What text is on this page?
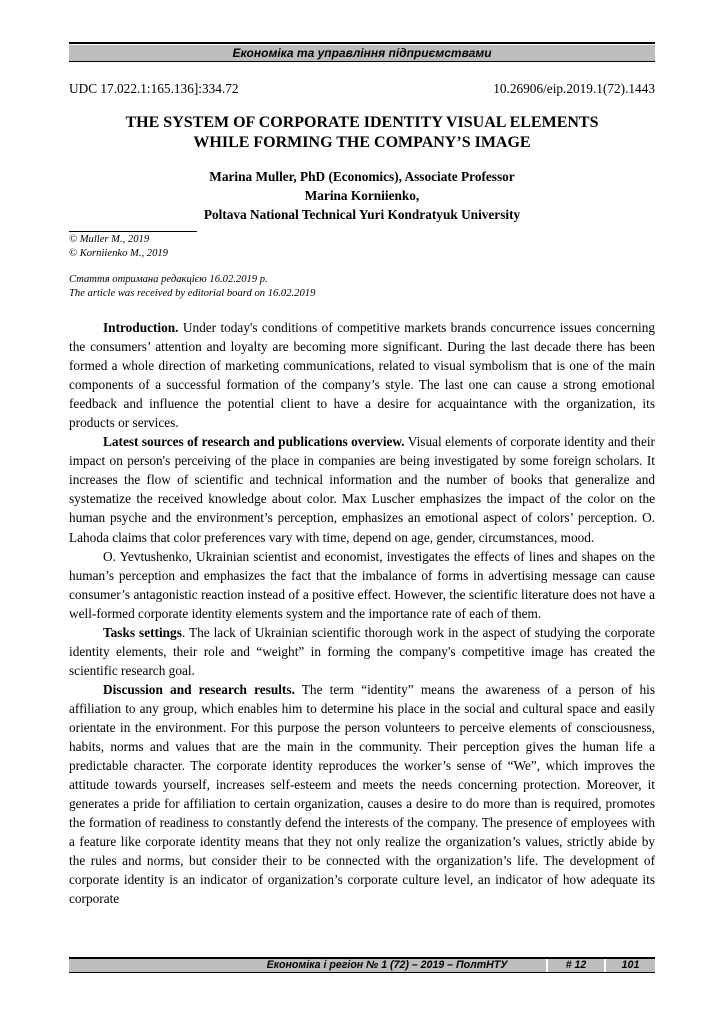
Економіка та управління підприємствами
UDC 17.022.1:165.136]:334.72	10.26906/eip.2019.1(72).1443
THE SYSTEM OF CORPORATE IDENTITY VISUAL ELEMENTS
WHILE FORMING THE COMPANY’S IMAGE
Marina Muller, PhD (Economics), Associate Professor
Marina Korniienko,
Poltava National Technical Yuri Kondratyuk University
© Muller M., 2019
© Korniienko M., 2019
Стаття отримана редакцією 16.02.2019 р.
The article was received by editorial board on 16.02.2019

Introduction. Under today's conditions of competitive markets brands concurrence issues concerning the consumers’ attention and loyalty are becoming more significant. During the last decade there has been formed a whole direction of marketing communications, related to visual symbolism that is one of the main components of a successful formation of the company’s style. The last one can cause a strong emotional feedback and influence the potential client to have a desire for acquaintance with the organization, its products or services.

Latest sources of research and publications overview. Visual elements of corporate identity and their impact on person's perceiving of the place in companies are being investigated by some foreign scholars. It increases the flow of scientific and technical information and the number of books that generalize and systematize the received knowledge about color. Max Luscher emphasizes the impact of the color on the human psyche and the environment’s perception, emphasizes an emotional aspect of colors’ perception. O. Lahoda claims that color preferences vary with time, depend on age, gender, circumstances, mood.

O. Yevtushenko, Ukrainian scientist and economist, investigates the effects of lines and shapes on the human’s perception and emphasizes the fact that the imbalance of forms in advertising message can cause consumer’s antagonistic reaction instead of a positive effect. However, the scientific literature does not have a well-formed corporate identity elements system and the importance rate of each of them.

Tasks settings. The lack of Ukrainian scientific thorough work in the aspect of studying the corporate identity elements, their role and “weight” in forming the company's competitive image has created the scientific research goal.

Discussion and research results. The term “identity” means the awareness of a person of his affiliation to any group, which enables him to determine his place in the social and cultural space and easily orientate in the environment. For this purpose the person volunteers to perceive elements of consciousness, habits, norms and values that are the main in the community. Their perception gives the human life a predictable character. The corporate identity reproduces the worker’s sense of “We”, which improves the attitude towards yourself, increases self-esteem and meets the needs concerning protection. Moreover, it generates a pride for affiliation to certain organization, causes a desire to do more than is required, promotes the formation of readiness to constantly defend the interests of the company. The presence of employees with a feature like corporate identity means that they not only realize the organization’s values, strictly abide by the rules and norms, but consider their to be connected with the organization’s life. The development of corporate identity is an indicator of organization’s corporate culture level, an indicator of how adequate its corporate

Економіка і регіон № 1 (72) – 2019 – ПолтНТУ	# 12	101
